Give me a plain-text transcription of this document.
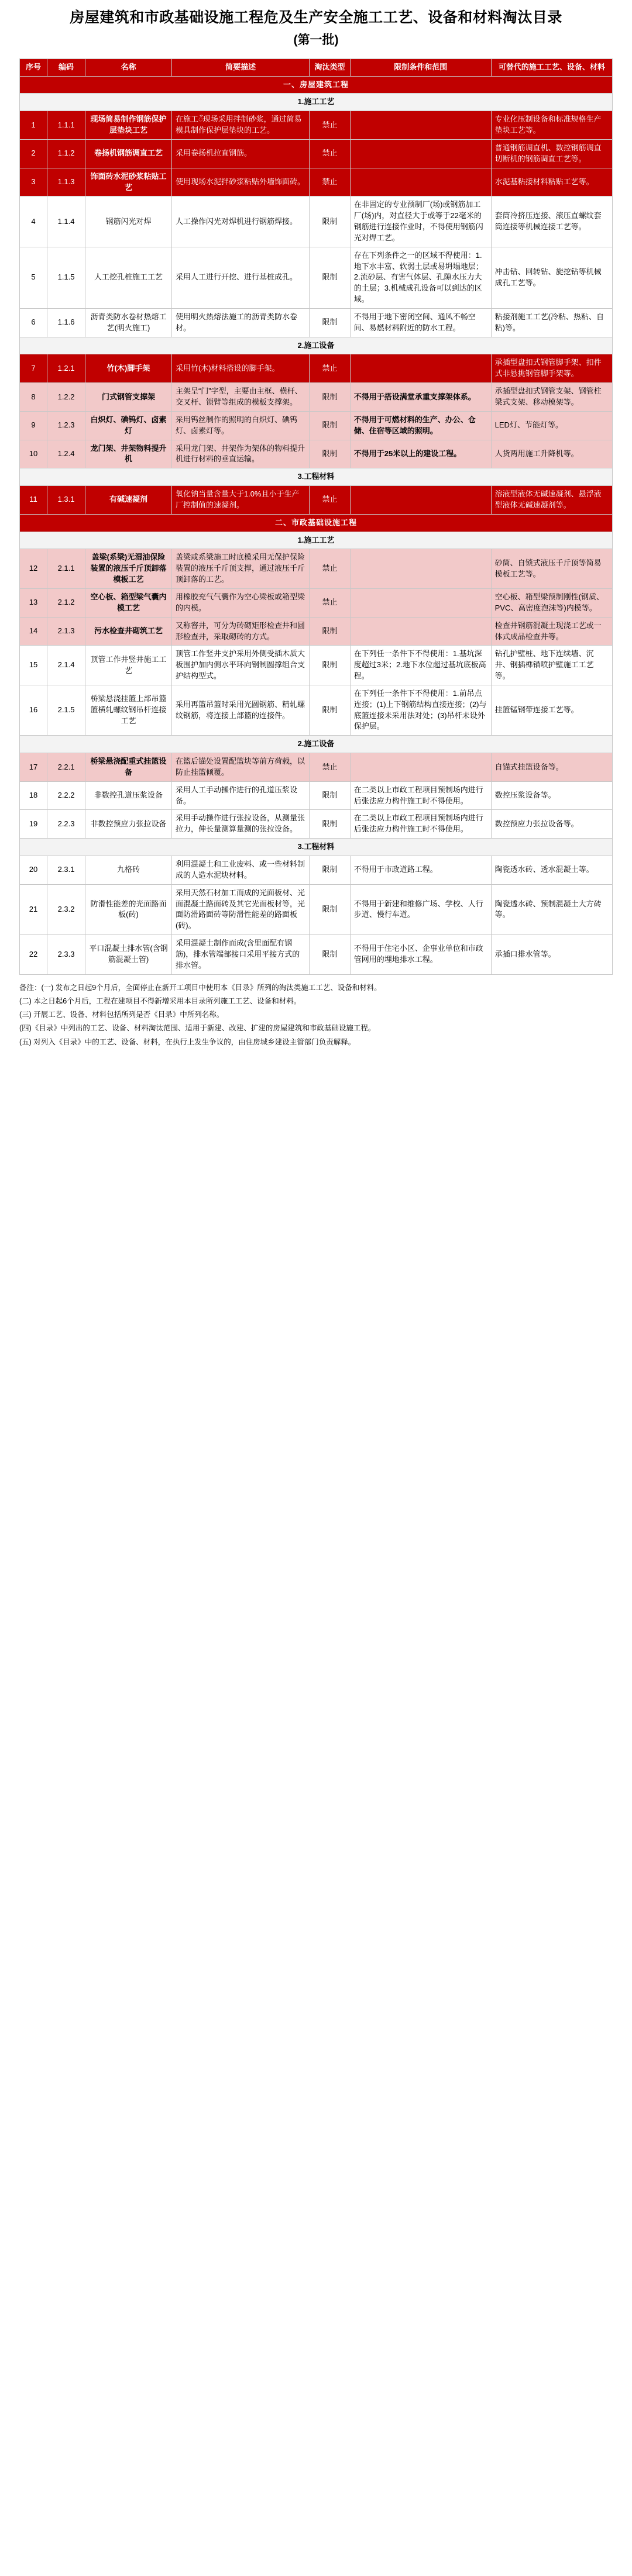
房屋建筑和市政基础设施工程危及生产安全施工工艺、设备和材料淘汰目录
(第一批)
序号	编码	名称	简要描述	淘汰类型	限制条件和范围	可替代的施工工艺、设备、材料
一、房屋建筑工程						
1.施工工艺						
1	1.1.1	现场简易制作钢筋保护层垫块工艺	在施工ँ现场采用拌制砂浆，通过简易模具制作保护层垫块的工艺。	禁止		专业化压制设备和标准规格生产垫块工艺等。
2	1.1.2	卷扬机钢筋调直工艺	采用卷扬机拉直钢筋。	禁止		普通钢筋调直机、数控钢筋调直切断机的钢筋调直工艺等。
3	1.1.3	饰面砖水泥砂浆粘贴工艺	使用现场水泥拌砂浆粘贴外墙饰面砖。	禁止		水泥基粘接材料粘贴工艺等。
4	1.1.4	钢筋闪光对焊	人工操作闪光对焊机进行钢筋焊接。	限制	在非固定的专业预制厂(场)或钢筋加工厂(场)内，对直径大于或等于22毫米的钢筋进行连接作业时，不得使用钢筋闪光对焊工艺。	套筒冷挤压连接、滚压直螺纹套筒连接等机械连接工艺等。
5	1.1.5	人工挖孔桩施工工艺	采用人工进行开挖、进行基桩成孔。	限制	存在下列条件之一的区域不得使用：1.地下水丰富、软弱土层或易坍塌地层；2.流砂层、有害气体层、孔隙水压力大的土层；3.机械成孔设备可以到达的区域。	冲击钻、回转钻、旋挖钻等机械成孔工艺等。
6	1.1.6	沥青类防水卷材热熔工艺(明火施工)	使用明火热熔法施工的沥青类防水卷材。	限制	不得用于地下密闭空间、通风不畅空间、易燃材料附近的防水工程。	粘接剂施工工艺(冷粘、热粘、自粘)等。
2.施工设备						
7	1.2.1	竹(木)脚手架	采用竹(木)材料搭设的脚手架。	禁止		承插型盘扣式钢管脚手架、扣件式非悬挑钢管脚手架等。
8	1.2.2	门式钢管支撑架	主架呈“门”字型，主要由主框、横杆、交叉杆、锁臂等组成的模板支撑架。	限制	不得用于搭设满堂承重支撑架体系。	承插型盘扣式钢管支架、钢管柱梁式支架、移动模架等。
9	1.2.3	白炽灯、碘钨灯、卤素灯	采用钨丝制作的照明的白炽灯、碘钨灯、卤素灯等。	限制	不得用于可燃材料的生产、办公、仓储、住宿等区域的照明。	LED灯、节能灯等。
10	1.2.4	龙门架、井架物料提升机	采用龙门架、井架作为架体的物料提升机进行材料的垂直运输。	限制	不得用于25米以上的建设工程。	人货两用施工升降机等。
3.工程材料						
11	1.3.1	有碱速凝剂	氧化钠当量含量大于1.0%且小于生产厂控制值的速凝剂。	禁止		溶液型液体无碱速凝剂、悬浮液型液体无碱速凝剂等。
二、市政基础设施工程						
1.施工工艺						
12	2.1.1	盖梁(系梁)无湿油保险装置的液压千斤顶卸落模板工艺	盖梁或系梁施工时底模采用无保护保险装置的液压千斤顶支撑，通过液压千斤顶卸落的工艺。	禁止		砂筒、自锁式液压千斤顶等简易模板工艺等。
13	2.1.2	空心板、箱型梁气囊内模工艺	用橡胶充气气囊作为空心梁板或箱型梁的内模。	禁止		空心板、箱型梁预制刚性(钢质、PVC、高密度泡沫等)内模等。
14	2.1.3	污水检查井砌筑工艺	又称窨井，可分为砖砌矩形检查井和圆形检查井，采取砌砖的方式。	限制		检查井钢筋混凝土现浇工艺或一体式成品检查井等。
15	2.1.4	顶管工作井竖井施工工艺	顶管工作竖井支护采用外侧受插木质大板围护加内侧水平环向钢制圆撑组合支护结构型式。	限制	在下列任一条件下不得使用：1.基坑深度超过3米；2.地下水位超过基坑底板高程。	钻孔护壁桩、地下连续墙、沉井、钢插榫锚喷护壁施工工艺等。
16	2.1.5	桥梁悬浇挂篮上部吊篮篮横轧螺纹钢吊杆连接工艺	采用再篮吊篮时采用光圆钢筋、精轧螺纹钢筋，将连接上部篮的连接件。	限制	在下列任一条件下不得使用：1.前吊点连接；(1)上下钢筋结构直接连接；(2)与底篮连接未采用法对处；(3)吊杆未设外保护层。	挂篮锰钢带连接工艺等。
2.施工设备						
17	2.2.1	桥梁悬浇配重式挂篮设备	在篮后锚处设置配篮块等前方荷载，以防止挂篮倾覆。	禁止		自锚式挂篮设备等。
18	2.2.2	非数控孔道压浆设备	采用人工手动操作进行的孔道压浆设备。	限制	在二类以上市政工程项目预制场内进行后张法应力构件施工时不得使用。	数控压浆设备等。
19	2.2.3	非数控预应力张拉设备	采用手动操作进行张拉设备，从测量张拉力，伸长量测算量测的张拉设备。	限制	在二类以上市政工程项目预制场内进行后张法应力构件施工时不得使用。	数控预应力张拉设备等。
3.工程材料						
20	2.3.1	九格砖	利用混凝土和工业废料、或一些材料制成的人造水泥块材料。	限制	不得用于市政道路工程。	陶瓷透水砖、透水混凝土等。
21	2.3.2	防滑性能差的光面路面板(砖)	采用天然石材加工而成的光面板材、光面混凝土路面砖及其它光面板材等，光面防滑路面砖等防滑性能差的路面板(砖)。	限制	不得用于新建和维修广场、学校、人行步道、慢行车道。	陶瓷透水砖、预制混凝土大方砖等。
22	2.3.3	平口混凝土排水管(含钢筋混凝土管)	采用混凝土制作而成(含里面配有钢筋)，排水管端部接口采用平接方式的排水管。	限制	不得用于住宅小区、企事业单位和市政管网用的埋地排水工程。	承插口排水管等。

备注：(一) 发布之日起9个月后，全面停止在新开工项目中使用本《目录》所列的淘汰类施工工艺、设备和材料。

(二) 本之日起6个月后，工程在建项目不得新增采用本目录所列施工工艺、设备和材料。

(三) 开展工艺、设备、材料包括所列是否《目录》中所列名称。

(四)《目录》中列出的工艺、设备、材料淘汰范围、适用于新建、改建、扩建的房屋建筑和市政基础设施工程。

(五) 对列入《目录》中的工艺、设备、材料，在执行上发生争议的，由住房城乡建设主管部门负责解释。
